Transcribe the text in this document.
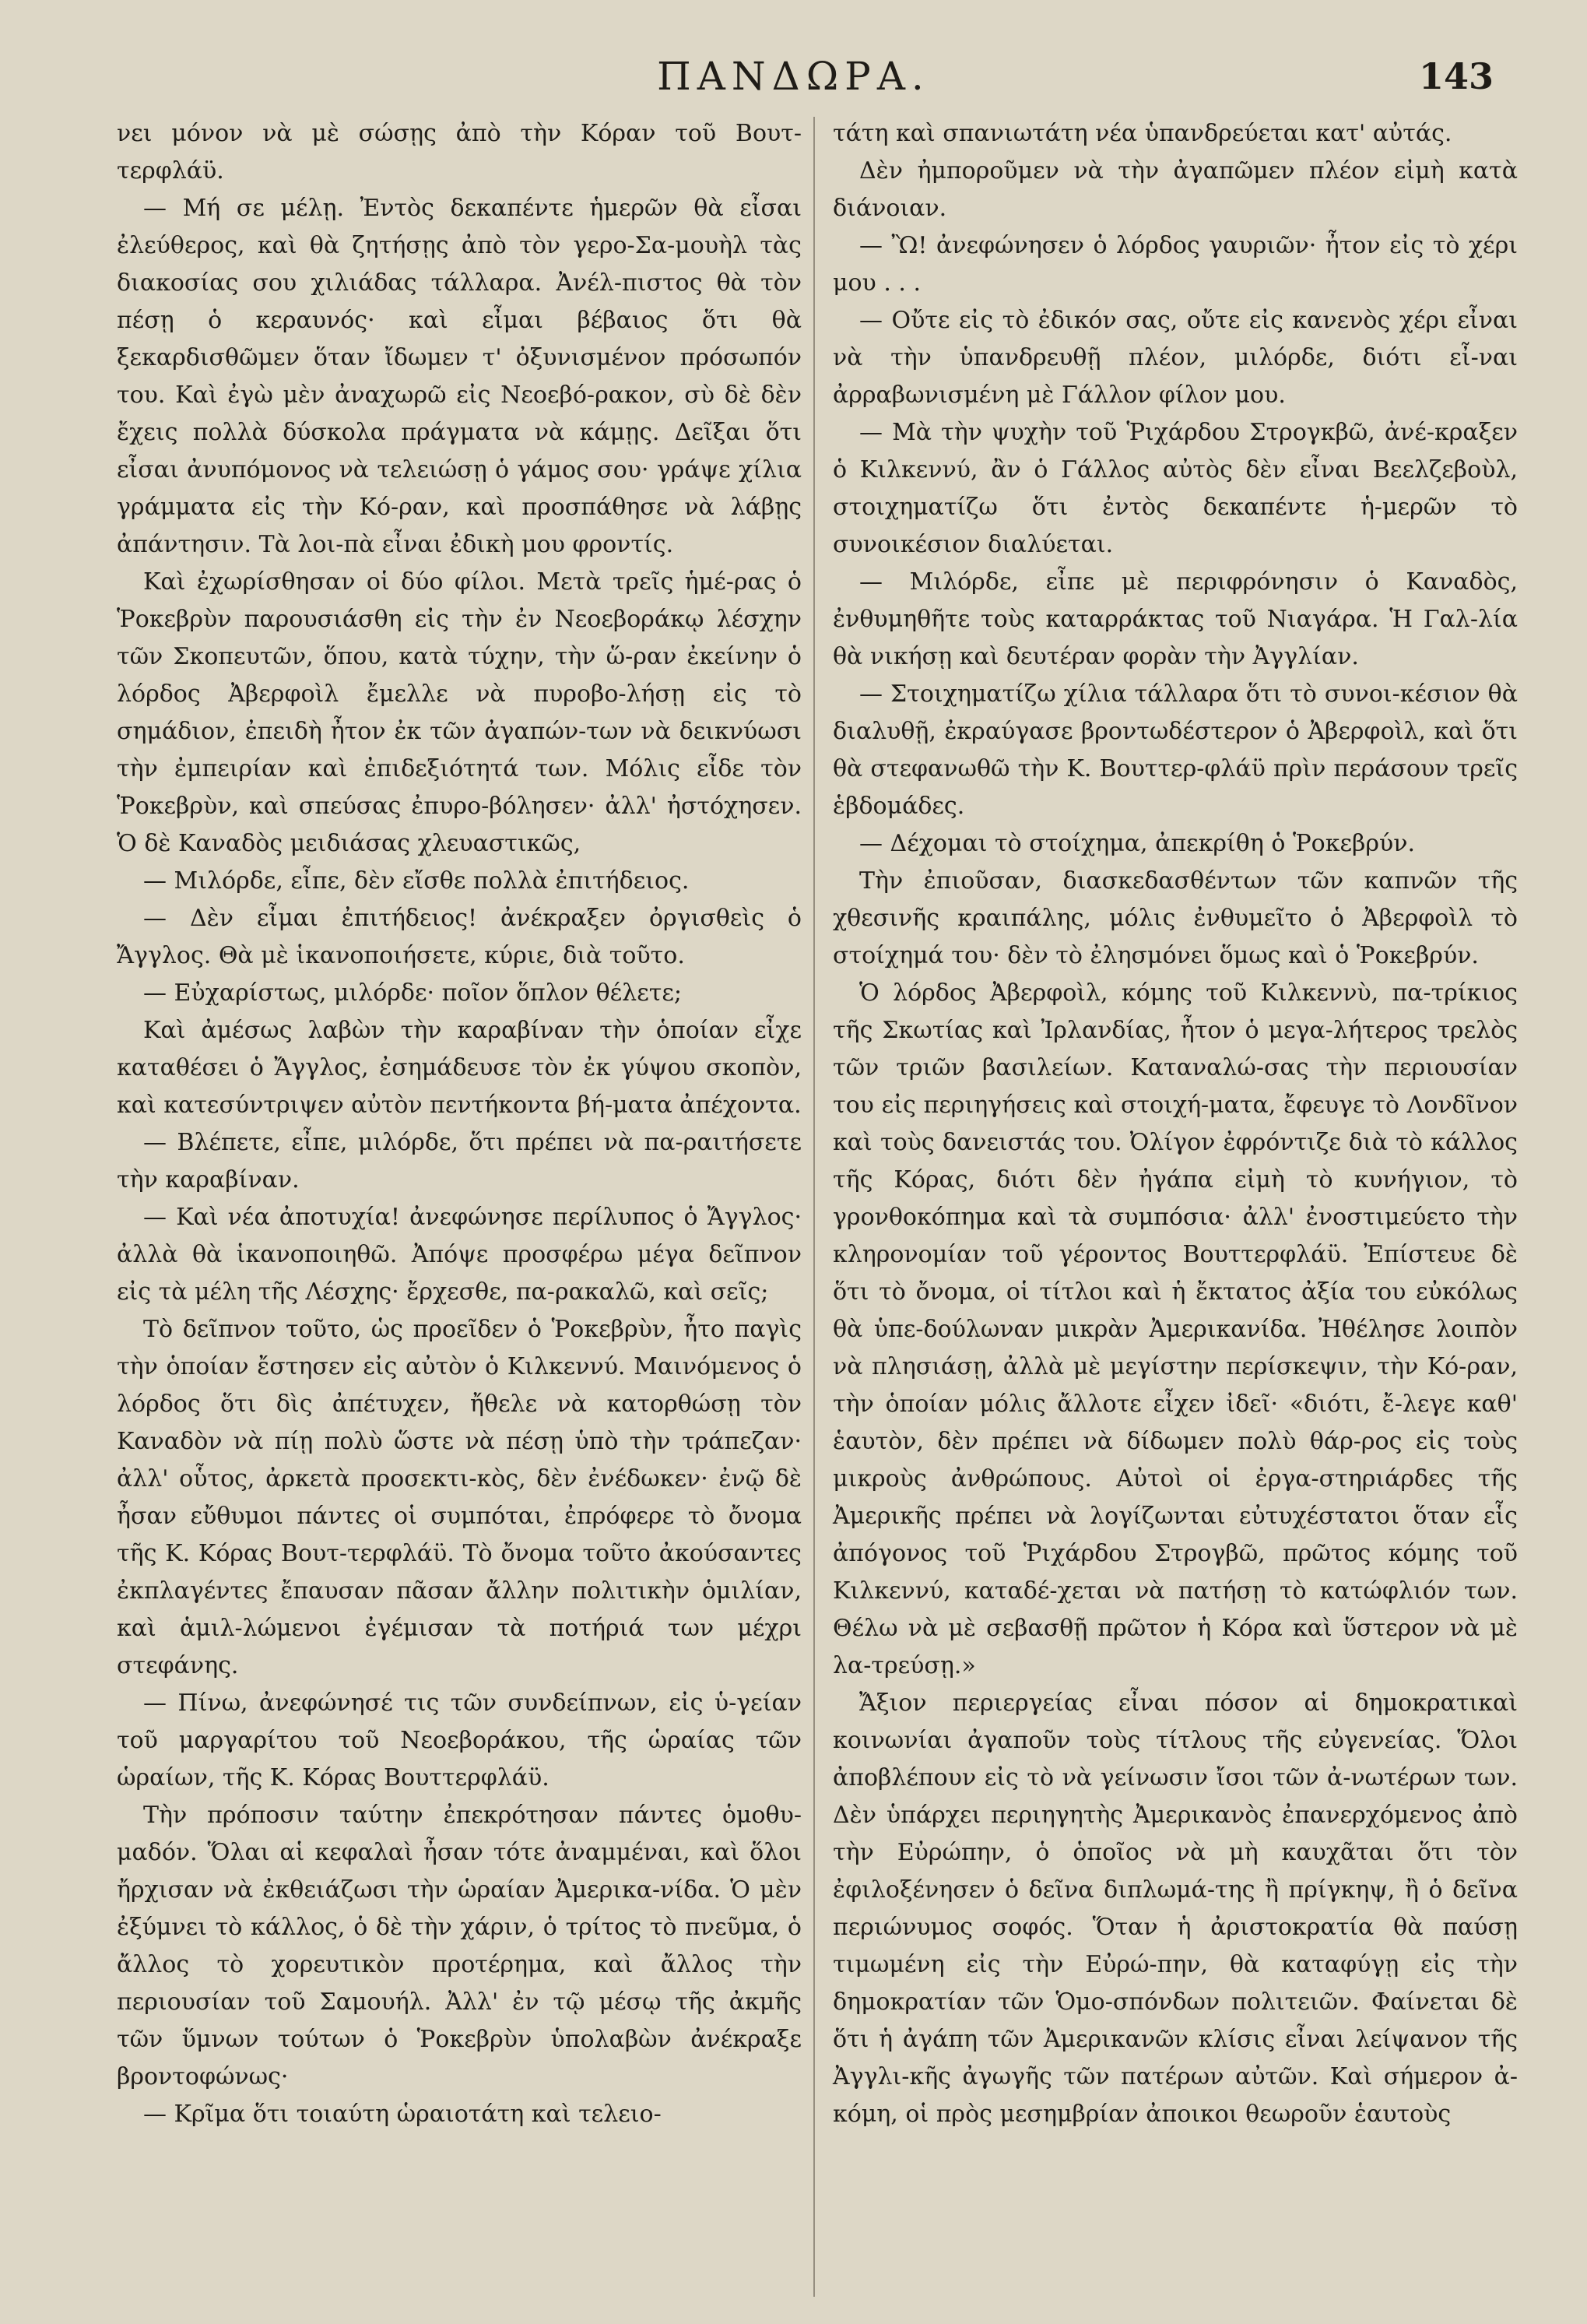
ΠΑΝΔΩΡΑ.	143

νει μόνον νὰ μὲ σώσῃς ἀπὸ τὴν Κόραν τοῦ Βουτ-τερφλάϋ.

— Μή σε μέλῃ. Ἐντὸς δεκαπέντε ἡμερῶν θὰ εἶσαι ἐλεύθερος, καὶ θὰ ζητήσῃς ἀπὸ τὸν γερο-Σα-μουὴλ τὰς διακοσίας σου χιλιάδας τάλλαρα. Ἀνέλ-πιστος θὰ τὸν πέσῃ ὁ κεραυνός· καὶ εἶμαι βέβαιος ὅτι θὰ ξεκαρδισθῶμεν ὅταν ἴδωμεν τ' ὀξυνισμένον πρόσωπόν του. Καὶ ἐγὼ μὲν ἀναχωρῶ εἰς Νεοεβό-ρακον, σὺ δὲ δὲν ἔχεις πολλὰ δύσκολα πράγματα νὰ κάμῃς. Δεῖξαι ὅτι εἶσαι ἀνυπόμονος νὰ τελειώσῃ ὁ γάμος σου· γράψε χίλια γράμματα εἰς τὴν Κό-ραν, καὶ προσπάθησε νὰ λάβῃς ἀπάντησιν. Τὰ λοι-πὰ εἶναι ἐδικὴ μου φροντίς.

Καὶ ἐχωρίσθησαν οἱ δύο φίλοι. Μετὰ τρεῖς ἡμέ-ρας ὁ Ῥοκεβρὺν παρουσιάσθη εἰς τὴν ἐν Νεοεβοράκῳ λέσχην τῶν Σκοπευτῶν, ὅπου, κατὰ τύχην, τὴν ὥ-ραν ἐκείνην ὁ λόρδος Ἀβερφοὶλ ἔμελλε νὰ πυροβο-λήσῃ εἰς τὸ σημάδιον, ἐπειδὴ ἦτον ἐκ τῶν ἀγαπών-των νὰ δεικνύωσι τὴν ἐμπειρίαν καὶ ἐπιδεξιότητά των. Μόλις εἶδε τὸν Ῥοκεβρὺν, καὶ σπεύσας ἐπυρο-βόλησεν· ἀλλ' ἠστόχησεν. Ὁ δὲ Καναδὸς μειδιάσας χλευαστικῶς,

— Μιλόρδε, εἶπε, δὲν εἴσθε πολλὰ ἐπιτήδειος.

— Δὲν εἶμαι ἐπιτήδειος! ἀνέκραξεν ὀργισθεὶς ὁ Ἄγγλος. Θὰ μὲ ἱκανοποιήσετε, κύριε, διὰ τοῦτο.

— Εὐχαρίστως, μιλόρδε· ποῖον ὅπλον θέλετε;

Καὶ ἀμέσως λαβὼν τὴν καραβίναν τὴν ὁποίαν εἶχε καταθέσει ὁ Ἄγγλος, ἐσημάδευσε τὸν ἐκ γύψου σκοπὸν, καὶ κατεσύντριψεν αὐτὸν πεντήκοντα βή-ματα ἀπέχοντα.

— Βλέπετε, εἶπε, μιλόρδε, ὅτι πρέπει νὰ πα-ραιτήσετε τὴν καραβίναν.

— Καὶ νέα ἀποτυχία! ἀνεφώνησε περίλυπος ὁ Ἄγγλος· ἀλλὰ θὰ ἱκανοποιηθῶ. Ἀπόψε προσφέρω μέγα δεῖπνον εἰς τὰ μέλη τῆς Λέσχης· ἔρχεσθε, πα-ρακαλῶ, καὶ σεῖς;

Τὸ δεῖπνον τοῦτο, ὡς προεῖδεν ὁ Ῥοκεβρὺν, ἦτο παγὶς τὴν ὁποίαν ἔστησεν εἰς αὐτὸν ὁ Κιλκεννύ. Μαινόμενος ὁ λόρδος ὅτι δὶς ἀπέτυχεν, ἤθελε νὰ κατορθώσῃ τὸν Καναδὸν νὰ πίῃ πολὺ ὥστε νὰ πέσῃ ὑπὸ τὴν τράπεζαν· ἀλλ' οὗτος, ἀρκετὰ προσεκτι-κὸς, δὲν ἐνέδωκεν· ἐνῷ δὲ ἦσαν εὔθυμοι πάντες οἱ συμπόται, ἐπρόφερε τὸ ὄνομα τῆς Κ. Κόρας Βουτ-τερφλάϋ. Τὸ ὄνομα τοῦτο ἀκούσαντες ἐκπλαγέντες ἔπαυσαν πᾶσαν ἄλλην πολιτικὴν ὁμιλίαν, καὶ ἁμιλ-λώμενοι ἐγέμισαν τὰ ποτήριά των μέχρι στεφάνης.

— Πίνω, ἀνεφώνησέ τις τῶν συνδείπνων, εἰς ὑ-γείαν τοῦ μαργαρίτου τοῦ Νεοεβοράκου, τῆς ὡραίας τῶν ὡραίων, τῆς Κ. Κόρας Βουττερφλάϋ.

Τὴν πρόποσιν ταύτην ἐπεκρότησαν πάντες ὁμοθυ-μαδόν. Ὅλαι αἱ κεφαλαὶ ἦσαν τότε ἀναμμέναι, καὶ ὅλοι ἤρχισαν νὰ ἐκθειάζωσι τὴν ὡραίαν Ἀμερικα-νίδα. Ὁ μὲν ἐξύμνει τὸ κάλλος, ὁ δὲ τὴν χάριν, ὁ τρίτος τὸ πνεῦμα, ὁ ἄλλος τὸ χορευτικὸν προτέρημα, καὶ ἄλλος τὴν περιουσίαν τοῦ Σαμουήλ. Ἀλλ' ἐν τῷ μέσῳ τῆς ἀκμῆς τῶν ὕμνων τούτων ὁ Ῥοκεβρὺν ὑπολαβὼν ἀνέκραξε βροντοφώνως·

— Κρῖμα ὅτι τοιαύτη ὡραιοτάτη καὶ τελειο-

τάτη καὶ σπανιωτάτη νέα ὑπανδρεύεται κατ' αὐτάς.

Δὲν ἠμποροῦμεν νὰ τὴν ἀγαπῶμεν πλέον εἰμὴ κατὰ διάνοιαν.

— Ὢ! ἀνεφώνησεν ὁ λόρδος γαυριῶν· ἦτον εἰς τὸ χέρι μου . . .

— Οὔτε εἰς τὸ ἐδικόν σας, οὔτε εἰς κανενὸς χέρι εἶναι νὰ τὴν ὑπανδρευθῇ πλέον, μιλόρδε, διότι εἶ-ναι ἀρραβωνισμένη μὲ Γάλλον φίλον μου.

— Μὰ τὴν ψυχὴν τοῦ Ῥιχάρδου Στρογκβῶ, ἀνέ-κραξεν ὁ Κιλκεννύ, ἂν ὁ Γάλλος αὐτὸς δὲν εἶναι Βεελζεβοὺλ, στοιχηματίζω ὅτι ἐντὸς δεκαπέντε ἡ-μερῶν τὸ συνοικέσιον διαλύεται.

— Μιλόρδε, εἶπε μὲ περιφρόνησιν ὁ Καναδὸς, ἐνθυμηθῆτε τοὺς καταρράκτας τοῦ Νιαγάρα. Ἡ Γαλ-λία θὰ νικήσῃ καὶ δευτέραν φορὰν τὴν Ἀγγλίαν.

— Στοιχηματίζω χίλια τάλλαρα ὅτι τὸ συνοι-κέσιον θὰ διαλυθῇ, ἐκραύγασε βροντωδέστερον ὁ Ἀβερφοὶλ, καὶ ὅτι θὰ στεφανωθῶ τὴν Κ. Βουττερ-φλάϋ πρὶν περάσουν τρεῖς ἑβδομάδες.

— Δέχομαι τὸ στοίχημα, ἀπεκρίθη ὁ Ῥοκεβρύν.

Τὴν ἐπιοῦσαν, διασκεδασθέντων τῶν καπνῶν τῆς χθεσινῆς κραιπάλης, μόλις ἐνθυμεῖτο ὁ Ἀβερφοὶλ τὸ στοίχημά του· δὲν τὸ ἐλησμόνει ὅμως καὶ ὁ Ῥοκεβρύν.

Ὁ λόρδος Ἀβερφοὶλ, κόμης τοῦ Κιλκεννὺ, πα-τρίκιος τῆς Σκωτίας καὶ Ἰρλανδίας, ἦτον ὁ μεγα-λήτερος τρελὸς τῶν τριῶν βασιλείων. Καταναλώ-σας τὴν περιουσίαν του εἰς περιηγήσεις καὶ στοιχή-ματα, ἔφευγε τὸ Λονδῖνον καὶ τοὺς δανειστάς του. Ὀλίγον ἐφρόντιζε διὰ τὸ κάλλος τῆς Κόρας, διότι δὲν ἠγάπα εἰμὴ τὸ κυνήγιον, τὸ γρονθοκόπημα καὶ τὰ συμπόσια· ἀλλ' ἐνοστιμεύετο τὴν κληρονομίαν τοῦ γέροντος Βουττερφλάϋ. Ἐπίστευε δὲ ὅτι τὸ ὄνομα, οἱ τίτλοι καὶ ἡ ἔκτατος ἀξία του εὐκόλως θὰ ὑπε-δούλωναν μικρὰν Ἀμερικανίδα. Ἠθέλησε λοιπὸν νὰ πλησιάσῃ, ἀλλὰ μὲ μεγίστην περίσκεψιν, τὴν Κό-ραν, τὴν ὁποίαν μόλις ἄλλοτε εἶχεν ἰδεῖ· «διότι, ἔ-λεγε καθ' ἑαυτὸν, δὲν πρέπει νὰ δίδωμεν πολὺ θάρ-ρος εἰς τοὺς μικροὺς ἀνθρώπους. Αὐτοὶ οἱ ἐργα-στηριάρδες τῆς Ἀμερικῆς πρέπει νὰ λογίζωνται εὐτυχέστατοι ὅταν εἷς ἀπόγονος τοῦ Ῥιχάρδου Στρογβῶ, πρῶτος κόμης τοῦ Κιλκεννύ, καταδέ-χεται νὰ πατήσῃ τὸ κατώφλιόν των. Θέλω νὰ μὲ σεβασθῇ πρῶτον ἡ Κόρα καὶ ὕστερον νὰ μὲ λα-τρεύσῃ.»

Ἄξιον περιεργείας εἶναι πόσον αἱ δημοκρατικαὶ κοινωνίαι ἀγαποῦν τοὺς τίτλους τῆς εὐγενείας. Ὅλοι ἀποβλέπουν εἰς τὸ νὰ γείνωσιν ἴσοι τῶν ἀ-νωτέρων των. Δὲν ὑπάρχει περιηγητὴς Ἀμερικανὸς ἐπανερχόμενος ἀπὸ τὴν Εὐρώπην, ὁ ὁποῖος νὰ μὴ καυχᾶται ὅτι τὸν ἐφιλοξένησεν ὁ δεῖνα διπλωμά-της ἢ πρίγκηψ, ἢ ὁ δεῖνα περιώνυμος σοφός. Ὅταν ἡ ἀριστοκρατία θὰ παύσῃ τιμωμένη εἰς τὴν Εὐρώ-πην, θὰ καταφύγῃ εἰς τὴν δημοκρατίαν τῶν Ὁμο-σπόνδων πολιτειῶν. Φαίνεται δὲ ὅτι ἡ ἀγάπη τῶν Ἀμερικανῶν κλίσις εἶναι λείψανον τῆς Ἀγγλι-κῆς ἀγωγῆς τῶν πατέρων αὐτῶν. Καὶ σήμερον ἀ-κόμη, οἱ πρὸς μεσημβρίαν ἀποικοι θεωροῦν ἑαυτοὺς
